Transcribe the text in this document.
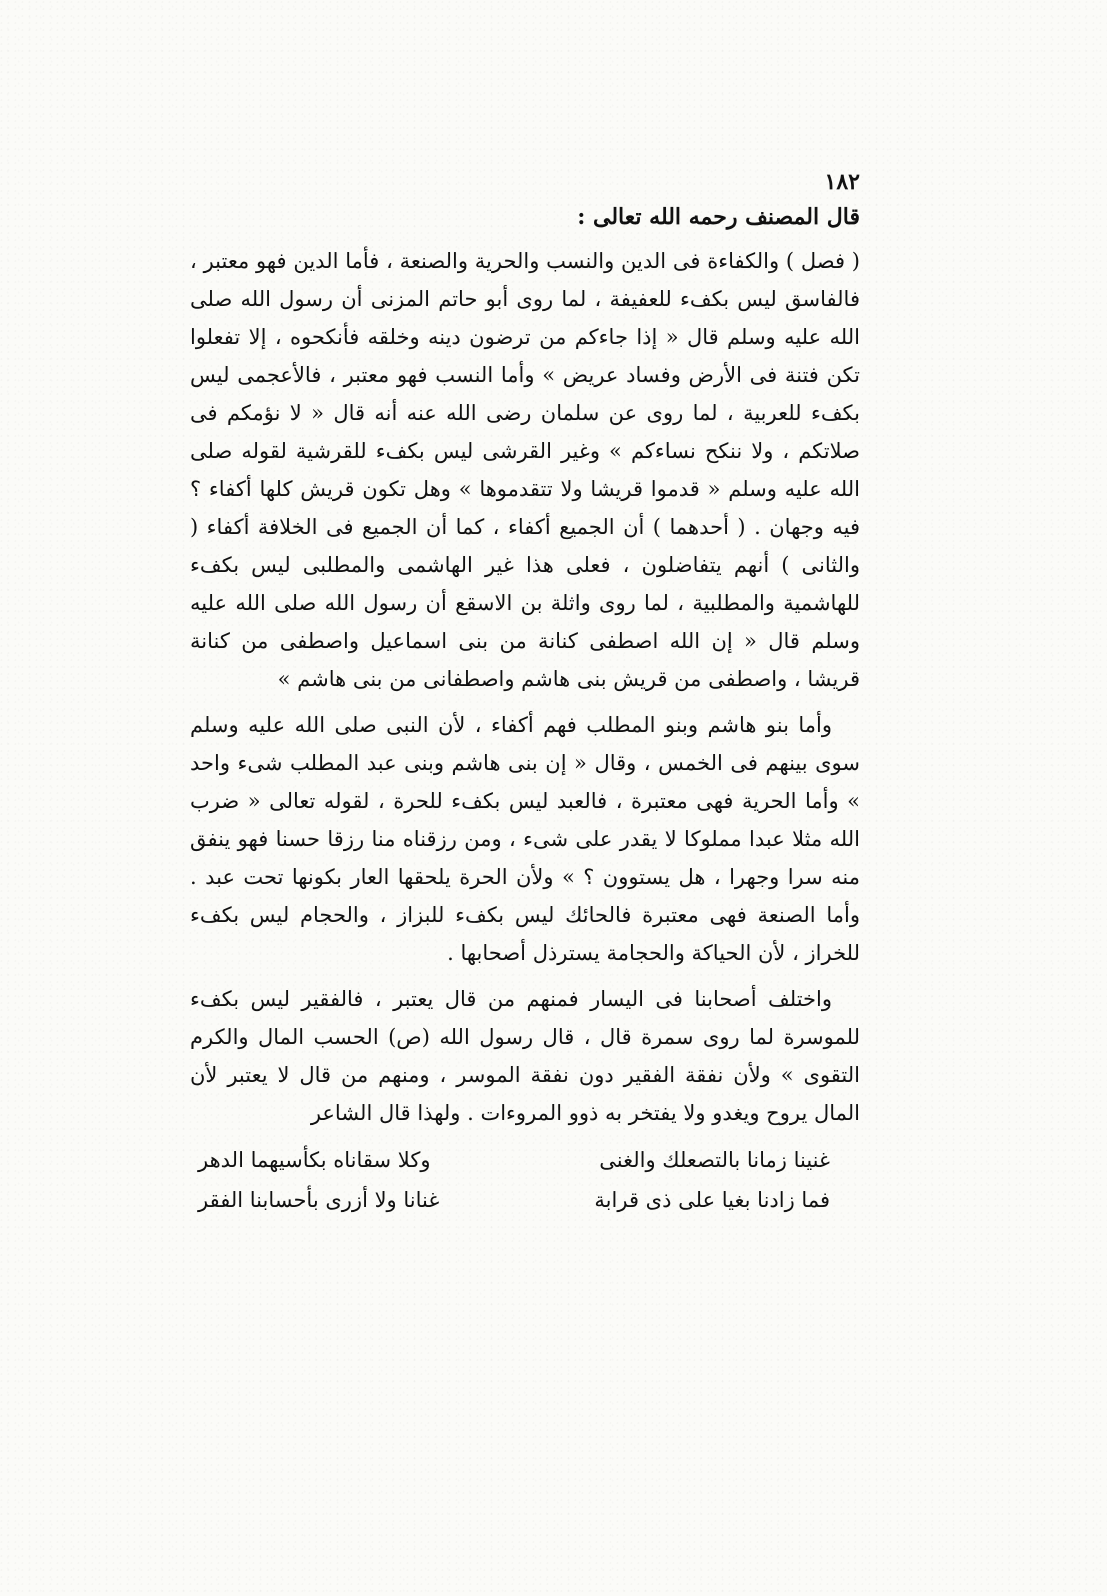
١٨٢
قال المصنف رحمه الله تعالى :

( فصل ) والكفاءة فى الدين والنسب والحرية والصنعة ، فأما الدين فهو معتبر ، فالفاسق ليس بكفء للعفيفة ، لما روى أبو حاتم المزنى أن رسول الله صلى الله عليه وسلم قال « إذا جاءكم من ترضون دينه وخلقه فأنكحوه ، إلا تفعلوا تكن فتنة فى الأرض وفساد عريض » وأما النسب فهو معتبر ، فالأعجمى ليس بكفء للعربية ، لما روى عن سلمان رضى الله عنه أنه قال « لا نؤمكم فى صلاتكم ، ولا ننكح نساءكم » وغير القرشى ليس بكفء للقرشية لقوله صلى الله عليه وسلم « قدموا قريشا ولا تتقدموها » وهل تكون قريش كلها أكفاء ؟ فيه وجهان . ( أحدهما ) أن الجميع أكفاء ، كما أن الجميع فى الخلافة أكفاء ( والثانى ) أنهم يتفاضلون ، فعلى هذا غير الهاشمى والمطلبى ليس بكفء للهاشمية والمطلبية ، لما روى واثلة بن الاسقع أن رسول الله صلى الله عليه وسلم قال « إن الله اصطفى كنانة من بنى اسماعيل واصطفى من كنانة قريشا ، واصطفى من قريش بنى هاشم واصطفانى من بنى هاشم »

وأما بنو هاشم وبنو المطلب فهم أكفاء ، لأن النبى صلى الله عليه وسلم سوى بينهم فى الخمس ، وقال « إن بنى هاشم وبنى عبد المطلب شىء واحد » وأما الحرية فهى معتبرة ، فالعبد ليس بكفء للحرة ، لقوله تعالى « ضرب الله مثلا عبدا مملوكا لا يقدر على شىء ، ومن رزقناه منا رزقا حسنا فهو ينفق منه سرا وجهرا ، هل يستوون ؟ » ولأن الحرة يلحقها العار بكونها تحت عبد . وأما الصنعة فهى معتبرة فالحائك ليس بكفء للبزاز ، والحجام ليس بكفء للخراز ، لأن الحياكة والحجامة يسترذل أصحابها .

واختلف أصحابنا فى اليسار فمنهم من قال يعتبر ، فالفقير ليس بكفء للموسرة لما روى سمرة قال ، قال رسول الله (ص) الحسب المال والكرم التقوى » ولأن نفقة الفقير دون نفقة الموسر ، ومنهم من قال لا يعتبر لأن المال يروح ويغدو ولا يفتخر به ذوو المروءات . ولهذا قال الشاعر

غنينا زمانا بالتصعلك والغنى
وكلا سقاناه بكأسيهما الدهر
فما زادنا بغيا على ذى قرابة
غنانا ولا أزرى بأحسابنا الفقر
